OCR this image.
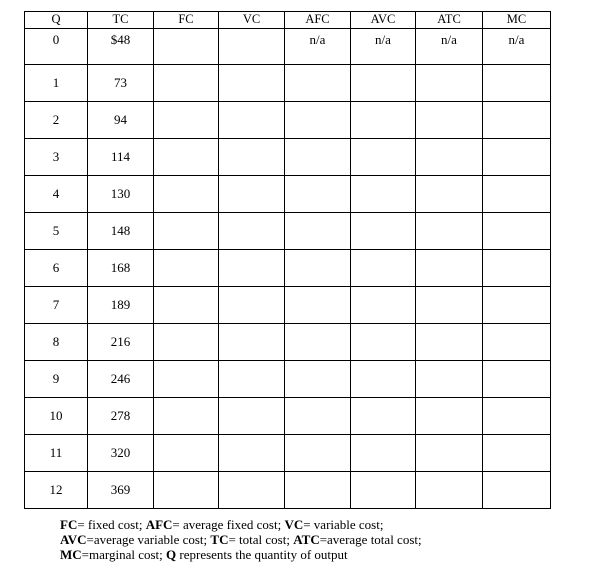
Q	TC	FC	VC	AFC	AVC	ATC	MC
0	$48			n/a	n/a	n/a	n/a
1	73						
2	94						
3	114						
4	130						
5	148						
6	168						
7	189						
8	216						
9	246						
10	278						
11	320						
12	369						

FC= fixed cost; AFC= average fixed cost; VC= variable cost;

AVC=average variable cost; TC= total cost; ATC=average total cost;

MC=marginal cost; Q represents the quantity of output
